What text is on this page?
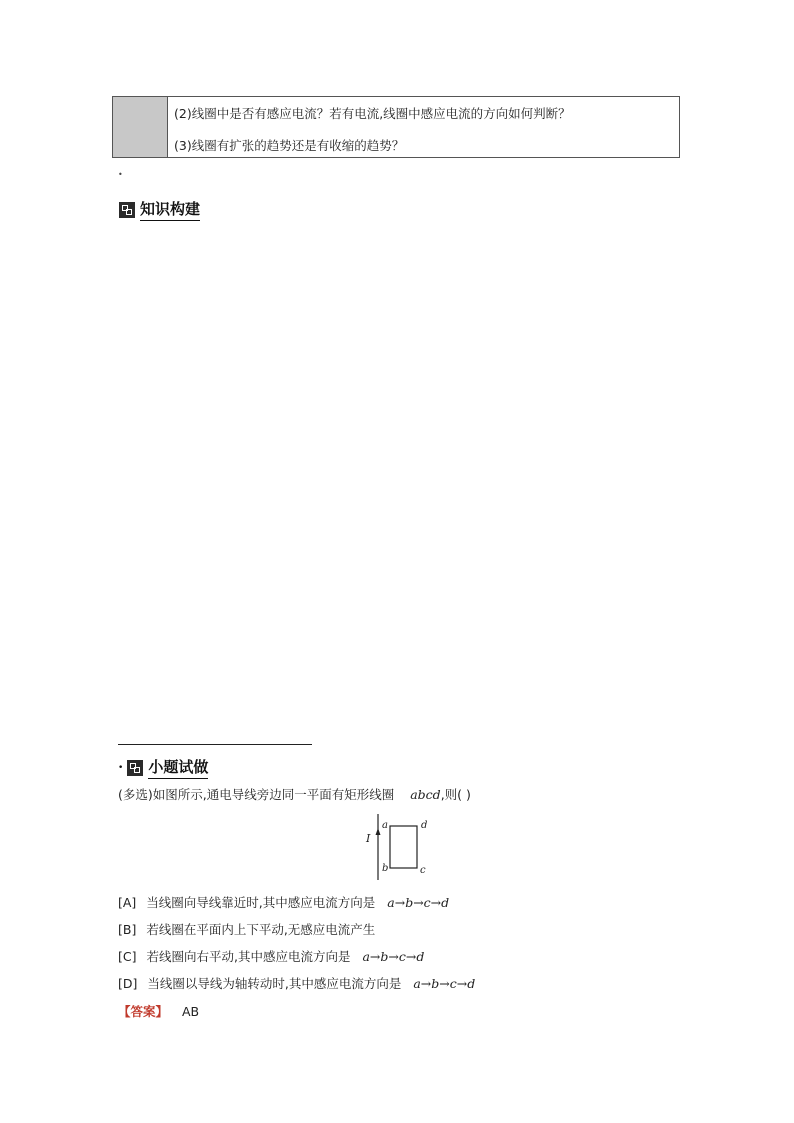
(2)线圈中是否有感应电流？若有电流,线圈中感应电流的方向如何判断？
(3)线圈有扩张的趋势还是有收缩的趋势？
•
知识构建
• 小题试做
(多选)如图所示,通电导线旁边同一平面有矩形线圈 abcd,则( )
I
a
b	c
d
[A] 当线圈向导线靠近时,其中感应电流方向是 a→b→c→d
[B] 若线圈在平面内上下平动,无感应电流产生
[C] 若线圈向右平动,其中感应电流方向是 a→b→c→d
[D] 当线圈以导线为轴转动时,其中感应电流方向是 a→b→c→d
【答案】 AB
